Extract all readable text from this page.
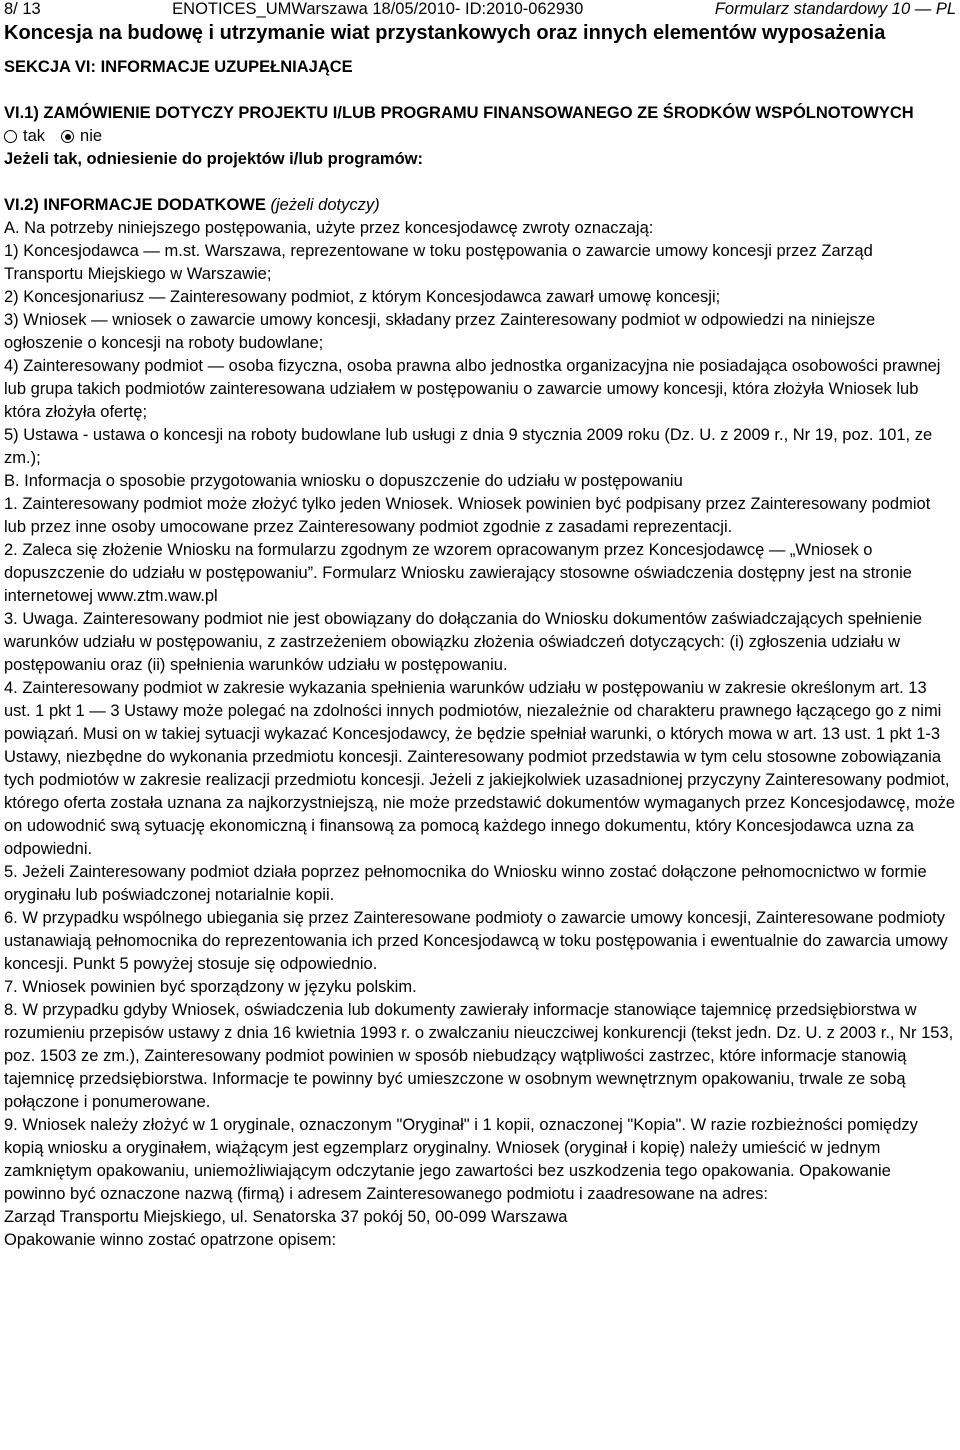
8/ 13	ENOTICES_UMWarszawa 18/05/2010- ID:2010-062930	Formularz standardowy 10 — PL
Koncesja na budowę i utrzymanie wiat przystankowych oraz innych elementów wyposażenia
SEKCJA VI: INFORMACJE UZUPEŁNIAJĄCE
VI.1) ZAMÓWIENIE DOTYCZY PROJEKTU I/LUB PROGRAMU FINANSOWANEGO ZE ŚRODKÓW WSPÓLNOTOWYCH
tak nie
Jeżeli tak, odniesienie do projektów i/lub programów:
VI.2) INFORMACJE DODATKOWE (jeżeli dotyczy)
A. Na potrzeby niniejszego postępowania, użyte przez koncesjodawcę zwroty oznaczają:
1) Koncesjodawca — m.st. Warszawa, reprezentowane w toku postępowania o zawarcie umowy koncesji przez Zarząd Transportu Miejskiego w Warszawie;
2) Koncesjonariusz — Zainteresowany podmiot, z którym Koncesjodawca zawarł umowę koncesji;
3) Wniosek — wniosek o zawarcie umowy koncesji, składany przez Zainteresowany podmiot w odpowiedzi na niniejsze ogłoszenie o koncesji na roboty budowlane;
4) Zainteresowany podmiot — osoba fizyczna, osoba prawna albo jednostka organizacyjna nie posiadająca osobowości prawnej lub grupa takich podmiotów zainteresowana udziałem w postępowaniu o zawarcie umowy koncesji, która złożyła Wniosek lub która złożyła ofertę;
5) Ustawa - ustawa o koncesji na roboty budowlane lub usługi z dnia 9 stycznia 2009 roku (Dz. U. z 2009 r., Nr 19, poz. 101, ze zm.);
B. Informacja o sposobie przygotowania wniosku o dopuszczenie do udziału w postępowaniu
1. Zainteresowany podmiot może złożyć tylko jeden Wniosek. Wniosek powinien być podpisany przez Zainteresowany podmiot lub przez inne osoby umocowane przez Zainteresowany podmiot zgodnie z zasadami reprezentacji.
2. Zaleca się złożenie Wniosku na formularzu zgodnym ze wzorem opracowanym przez Koncesjodawcę — „Wniosek o dopuszczenie do udziału w postępowaniu”. Formularz Wniosku zawierający stosowne oświadczenia dostępny jest na stronie internetowej www.ztm.waw.pl
3. Uwaga. Zainteresowany podmiot nie jest obowiązany do dołączania do Wniosku dokumentów zaświadczających spełnienie warunków udziału w postępowaniu, z zastrzeżeniem obowiązku złożenia oświadczeń dotyczących: (i) zgłoszenia udziału w postępowaniu oraz (ii) spełnienia warunków udziału w postępowaniu.
4. Zainteresowany podmiot w zakresie wykazania spełnienia warunków udziału w postępowaniu w zakresie określonym art. 13 ust. 1 pkt 1 — 3 Ustawy może polegać na zdolności innych podmiotów, niezależnie od charakteru prawnego łączącego go z nimi powiązań. Musi on w takiej sytuacji wykazać Koncesjodawcy, że będzie spełniał warunki, o których mowa w art. 13 ust. 1 pkt 1-3 Ustawy, niezbędne do wykonania przedmiotu koncesji. Zainteresowany podmiot przedstawia w tym celu stosowne zobowiązania tych podmiotów w zakresie realizacji przedmiotu koncesji. Jeżeli z jakiejkolwiek uzasadnionej przyczyny Zainteresowany podmiot, którego oferta została uznana za najkorzystniejszą, nie może przedstawić dokumentów wymaganych przez Koncesjodawcę, może on udowodnić swą sytuację ekonomiczną i finansową za pomocą każdego innego dokumentu, który Koncesjodawca uzna za odpowiedni.
5. Jeżeli Zainteresowany podmiot działa poprzez pełnomocnika do Wniosku winno zostać dołączone pełnomocnictwo w formie oryginału lub poświadczonej notarialnie kopii.
6. W przypadku wspólnego ubiegania się przez Zainteresowane podmioty o zawarcie umowy koncesji, Zainteresowane podmioty ustanawiają pełnomocnika do reprezentowania ich przed Koncesjodawcą w toku postępowania i ewentualnie do zawarcia umowy koncesji. Punkt 5 powyżej stosuje się odpowiednio.
7. Wniosek powinien być sporządzony w języku polskim.
8. W przypadku gdyby Wniosek, oświadczenia lub dokumenty zawierały informacje stanowiące tajemnicę przedsiębiorstwa w rozumieniu przepisów ustawy z dnia 16 kwietnia 1993 r. o zwalczaniu nieuczciwej konkurencji (tekst jedn. Dz. U. z 2003 r., Nr 153, poz. 1503 ze zm.), Zainteresowany podmiot powinien w sposób niebudzący wątpliwości zastrzec, które informacje stanowią tajemnicę przedsiębiorstwa. Informacje te powinny być umieszczone w osobnym wewnętrznym opakowaniu, trwale ze sobą połączone i ponumerowane.
9. Wniosek należy złożyć w 1 oryginale, oznaczonym "Oryginał" i 1 kopii, oznaczonej "Kopia". W razie rozbieżności pomiędzy kopią wniosku a oryginałem, wiążącym jest egzemplarz oryginalny. Wniosek (oryginał i kopię) należy umieścić w jednym zamkniętym opakowaniu, uniemożliwiającym odczytanie jego zawartości bez uszkodzenia tego opakowania. Opakowanie powinno być oznaczone nazwą (firmą) i adresem Zainteresowanego podmiotu i zaadresowane na adres:
Zarząd Transportu Miejskiego, ul. Senatorska 37 pokój 50, 00-099 Warszawa
Opakowanie winno zostać opatrzone opisem:
